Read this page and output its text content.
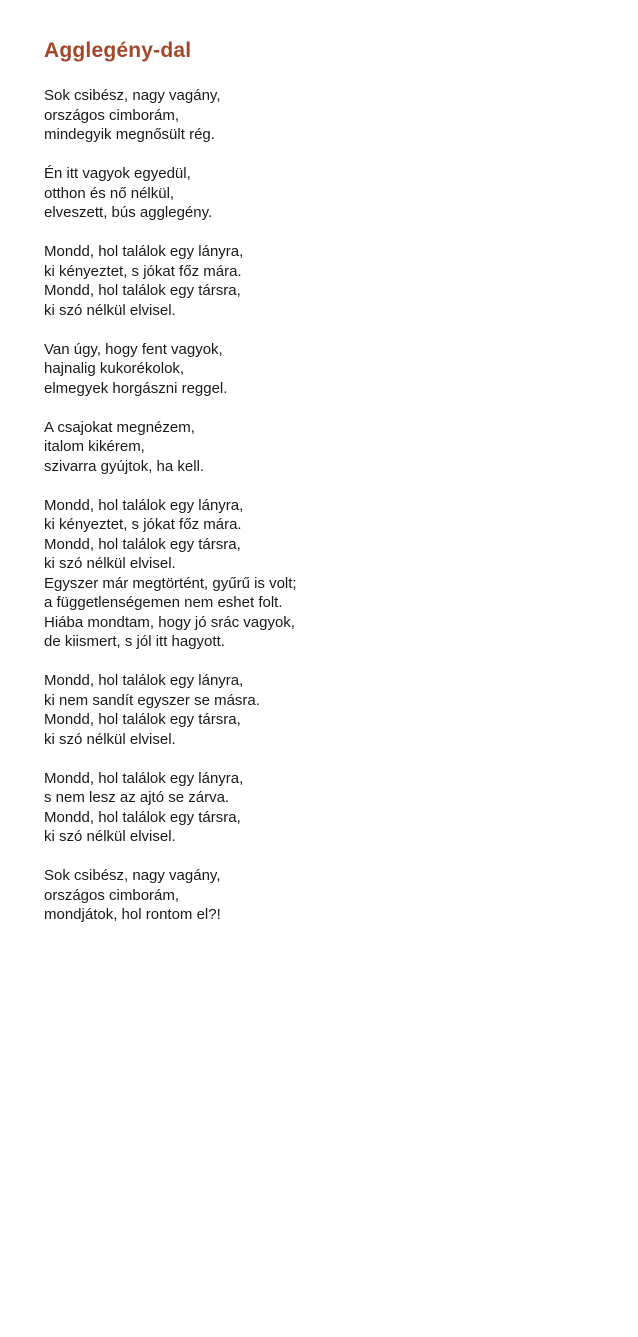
Agglegény-dal
Sok csibész, nagy vagány,
országos cimborám,
mindegyik megnősült rég.
Én itt vagyok egyedül,
otthon és nő nélkül,
elveszett, bús agglegény.
Mondd, hol találok egy lányra,
ki kényeztet, s jókat főz mára.
Mondd, hol találok egy társra,
ki szó nélkül elvisel.
Van úgy, hogy fent vagyok,
hajnalig kukorékolok,
elmegyek horgászni reggel.
A csajokat megnézem,
italom kikérem,
szivarra gyújtok, ha kell.
Mondd, hol találok egy lányra,
ki kényeztet, s jókat főz mára.
Mondd, hol találok egy társra,
ki szó nélkül elvisel.
Egyszer már megtörtént, gyűrű is volt;
a függetlenségemen nem eshet folt.
Hiába mondtam, hogy jó srác vagyok,
de kiismert, s jól itt hagyott.
Mondd, hol találok egy lányra,
ki nem sandít egyszer se másra.
Mondd, hol találok egy társra,
ki szó nélkül elvisel.
Mondd, hol találok egy lányra,
s nem lesz az ajtó se zárva.
Mondd, hol találok egy társra,
ki szó nélkül elvisel.
Sok csibész, nagy vagány,
országos cimborám,
mondjátok, hol rontom el?!
